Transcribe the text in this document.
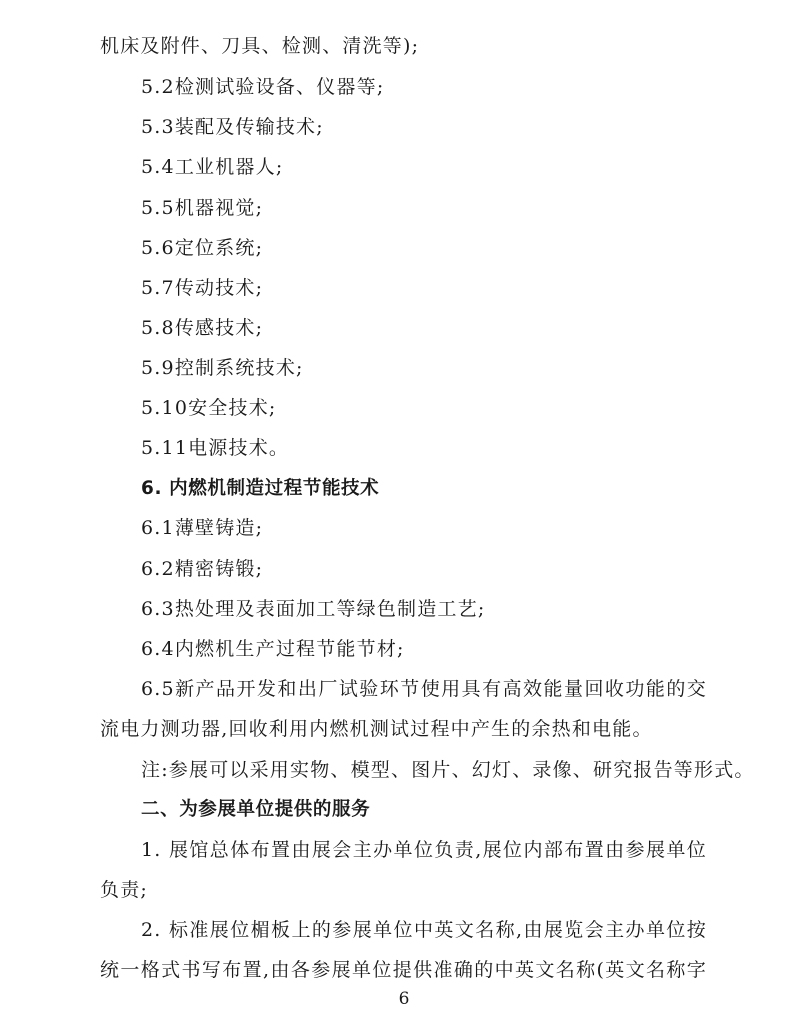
机床及附件、刀具、检测、清洗等);
5.2检测试验设备、仪器等;
5.3装配及传输技术;
5.4工业机器人;
5.5机器视觉;
5.6定位系统;
5.7传动技术;
5.8传感技术;
5.9控制系统技术;
5.10安全技术;
5.11电源技术。
6. 内燃机制造过程节能技术
6.1薄壁铸造;
6.2精密铸锻;
6.3热处理及表面加工等绿色制造工艺;
6.4内燃机生产过程节能节材;
6.5新产品开发和出厂试验环节使用具有高效能量回收功能的交
流电力测功器,回收利用内燃机测试过程中产生的余热和电能。
注:参展可以采用实物、模型、图片、幻灯、录像、研究报告等形式。
二、为参展单位提供的服务
1. 展馆总体布置由展会主办单位负责,展位内部布置由参展单位
负责;
2. 标准展位楣板上的参展单位中英文名称,由展览会主办单位按
统一格式书写布置,由各参展单位提供准确的中英文名称(英文名称字
6
